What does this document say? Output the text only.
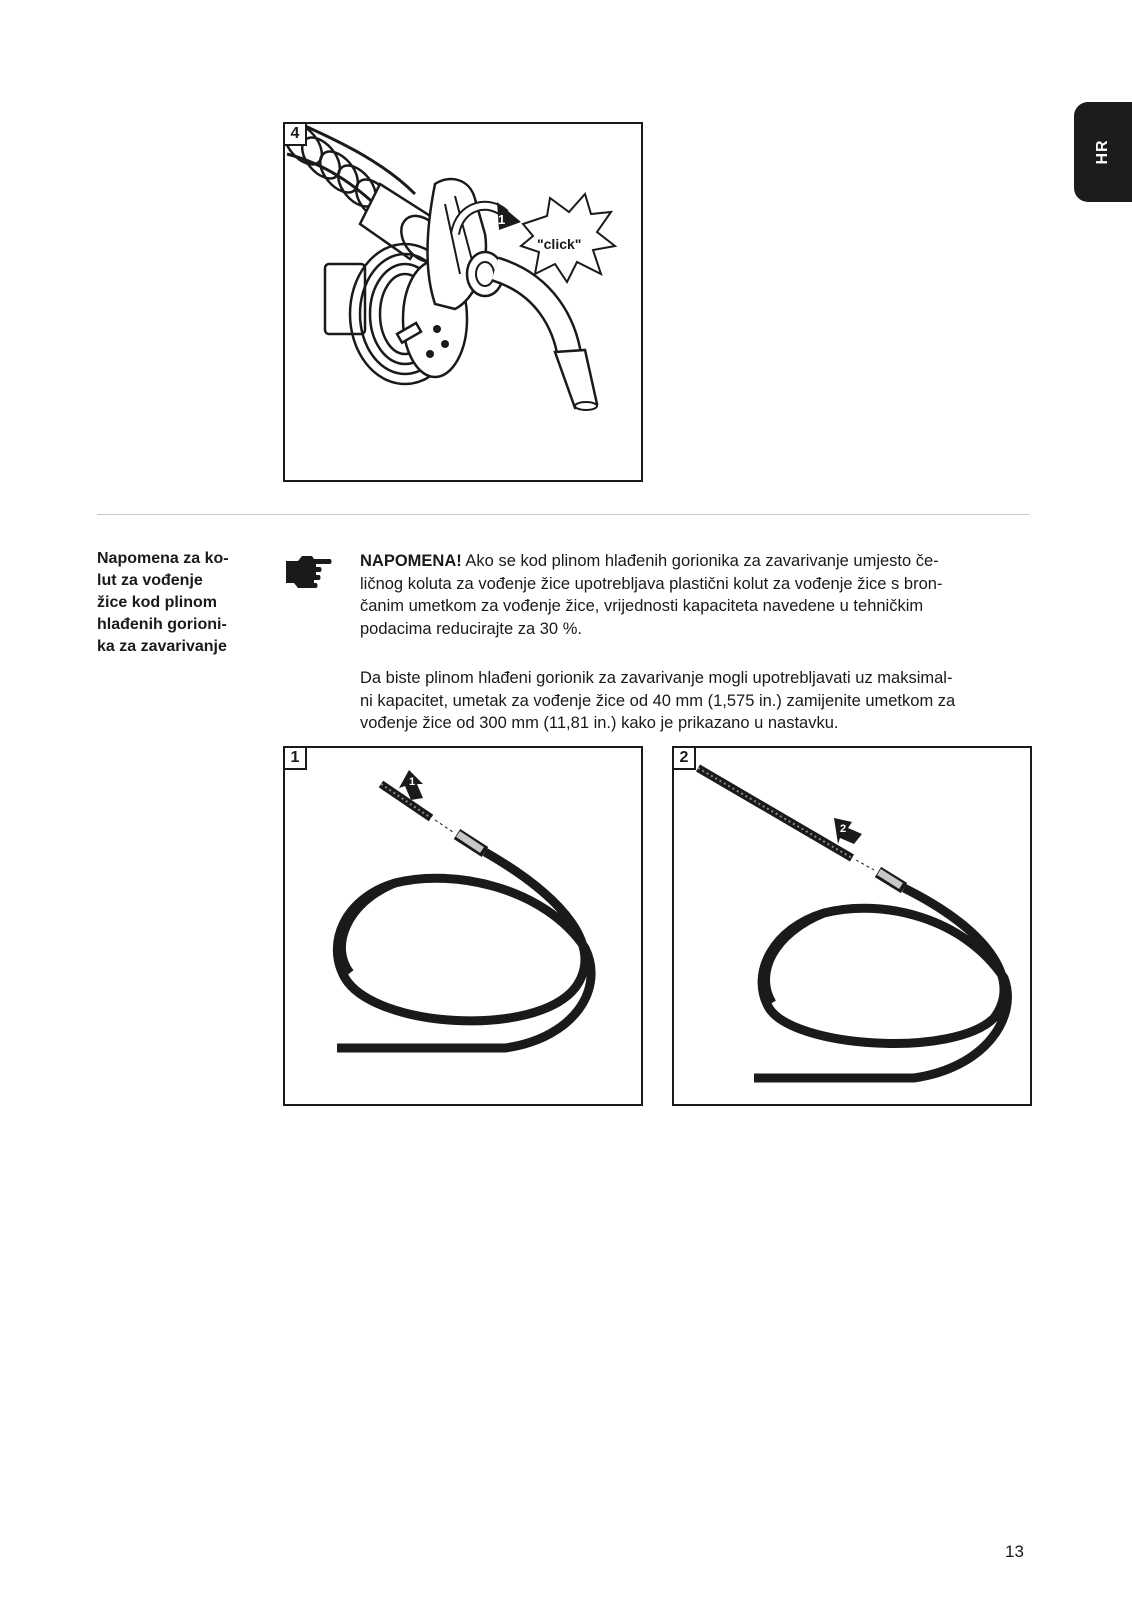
HR
4
1
"click"
Napomena za ko-
lut za vođenje
žice kod plinom
hlađenih gorioni-
ka za zavarivanje
NAPOMENA! Ako se kod plinom hlađenih gorionika za zavarivanje umjesto če-
ličnog koluta za vođenje žice upotrebljava plastični kolut za vođenje žice s bron-
čanim umetkom za vođenje žice, vrijednosti kapaciteta navedene u tehničkim
podacima reducirajte za 30 %.
Da biste plinom hlađeni gorionik za zavarivanje mogli upotrebljavati uz maksimal-
ni kapacitet, umetak za vođenje žice od 40 mm (1,575 in.) zamijenite umetkom za
vođenje žice od 300 mm (11,81 in.) kako je prikazano u nastavku.
1
1
2
2
13
